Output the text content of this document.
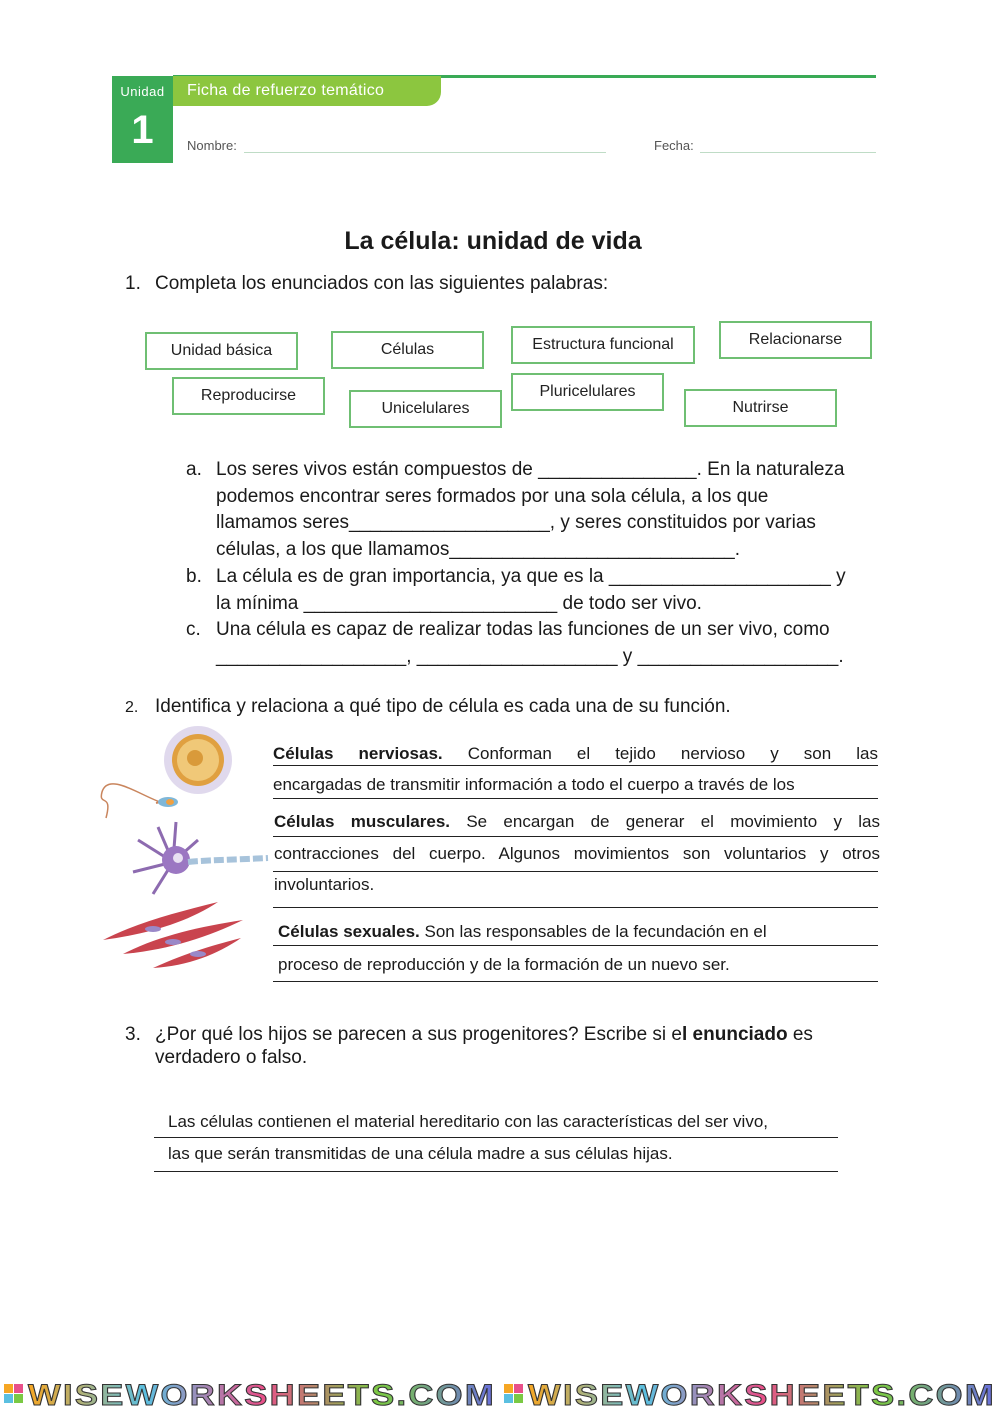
Unidad
1
Ficha de refuerzo temático
Nombre:	Fecha:
La célula: unidad de vida
1. Completa los enunciados con las siguientes palabras:
Unidad básica	Células	Estructura funcional	Relacionarse
Reproducirse
Unicelulares
Pluricelulares
Nutrirse
a. Los seres vivos están compuestos de _______________. En la naturaleza
podemos encontrar seres formados por una sola célula, a los que
llamamos seres___________________, y seres constituidos por varias
células, a los que llamamos___________________________.
b. La célula es de gran importancia, ya que es la _____________________ y
la mínima ________________________ de todo ser vivo.
c. Una célula es capaz de realizar todas las funciones de un ser vivo, como
__________________, ___________________ y ___________________.
2. Identifica y relaciona a qué tipo de célula es cada una de su función.
Células nerviosas. Conforman el tejido nervioso y son las
encargadas de transmitir información a todo el cuerpo a través de los
Células musculares. Se encargan de generar el movimiento y las
contracciones del cuerpo. Algunos movimientos son voluntarios y otros
involuntarios.
Células sexuales. Son las responsables de la fecundación en el
proceso de reproducción y de la formación de un nuevo ser.
3. ¿Por qué los hijos se parecen a sus progenitores? Escribe si el enunciado es
verdadero o falso.
Las células contienen el material hereditario con las características del ser vivo,
las que serán transmitidas de una célula madre a sus células hijas.
WISEWORKSHEETS.COM WISEWORKSHEETS.COM
